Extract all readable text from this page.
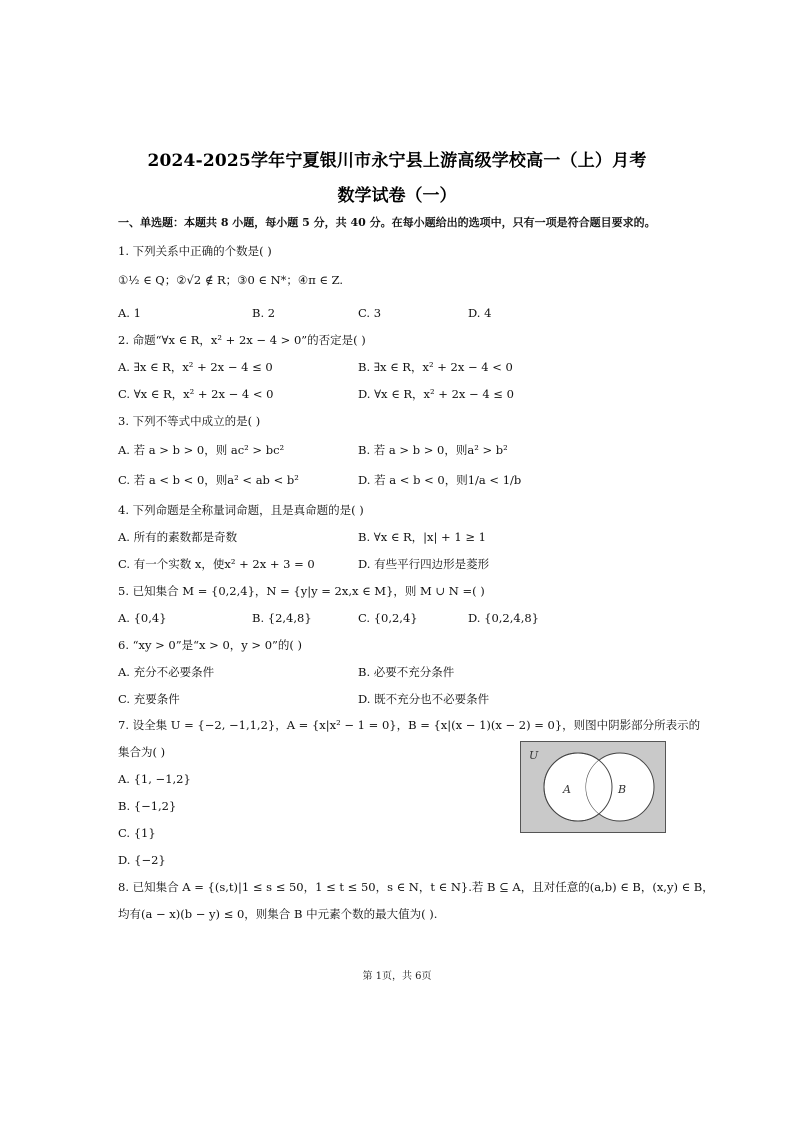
2024-2025学年宁夏银川市永宁县上游高级学校高一（上）月考
数学试卷（一）
一、单选题：本题共 8 小题，每小题 5 分，共 40 分。在每小题给出的选项中，只有一项是符合题目要求的。
1. 下列关系中正确的个数是( )
①½ ∈ Q；②√2 ∉ R；③0 ∈ N*；④π ∈ Z.
A. 1	B. 2	C. 3	D. 4
2. 命题“∀x ∈ R，x² + 2x − 4 > 0”的否定是( )
A. ∃x ∈ R，x² + 2x − 4 ≤ 0	B. ∃x ∈ R，x² + 2x − 4 < 0
C. ∀x ∈ R，x² + 2x − 4 < 0	D. ∀x ∈ R，x² + 2x − 4 ≤ 0
3. 下列不等式中成立的是( )
A. 若 a > b > 0，则 ac² > bc²	B. 若 a > b > 0，则a² > b²
C. 若 a < b < 0，则a² < ab < b²	D. 若 a < b < 0，则1/a < 1/b
4. 下列命题是全称量词命题，且是真命题的是( )
A. 所有的素数都是奇数	B. ∀x ∈ R，|x| + 1 ≥ 1
C. 有一个实数 x，使x² + 2x + 3 = 0	D. 有些平行四边形是菱形
5. 已知集合 M = {0,2,4}，N = {y|y = 2x,x ∈ M}，则 M ∪ N =( )
A. {0,4}	B. {2,4,8}	C. {0,2,4}	D. {0,2,4,8}
6. “xy > 0”是“x > 0，y > 0”的( )
A. 充分不必要条件	B. 必要不充分条件
C. 充要条件	D. 既不充分也不必要条件
7. 设全集 U = {−2, −1,1,2}，A = {x|x² − 1 = 0}，B = {x|(x − 1)(x − 2) = 0}，则图中阴影部分所表示的
集合为( )
A. {1, −1,2}
B. {−1,2}
C. {1}
D. {−2}
U
A	B
8. 已知集合 A = {(s,t)|1 ≤ s ≤ 50，1 ≤ t ≤ 50，s ∈ N，t ∈ N}.若 B ⊆ A，且对任意的(a,b) ∈ B，(x,y) ∈ B，
均有(a − x)(b − y) ≤ 0，则集合 B 中元素个数的最大值为( ).
第 1页，共 6页
